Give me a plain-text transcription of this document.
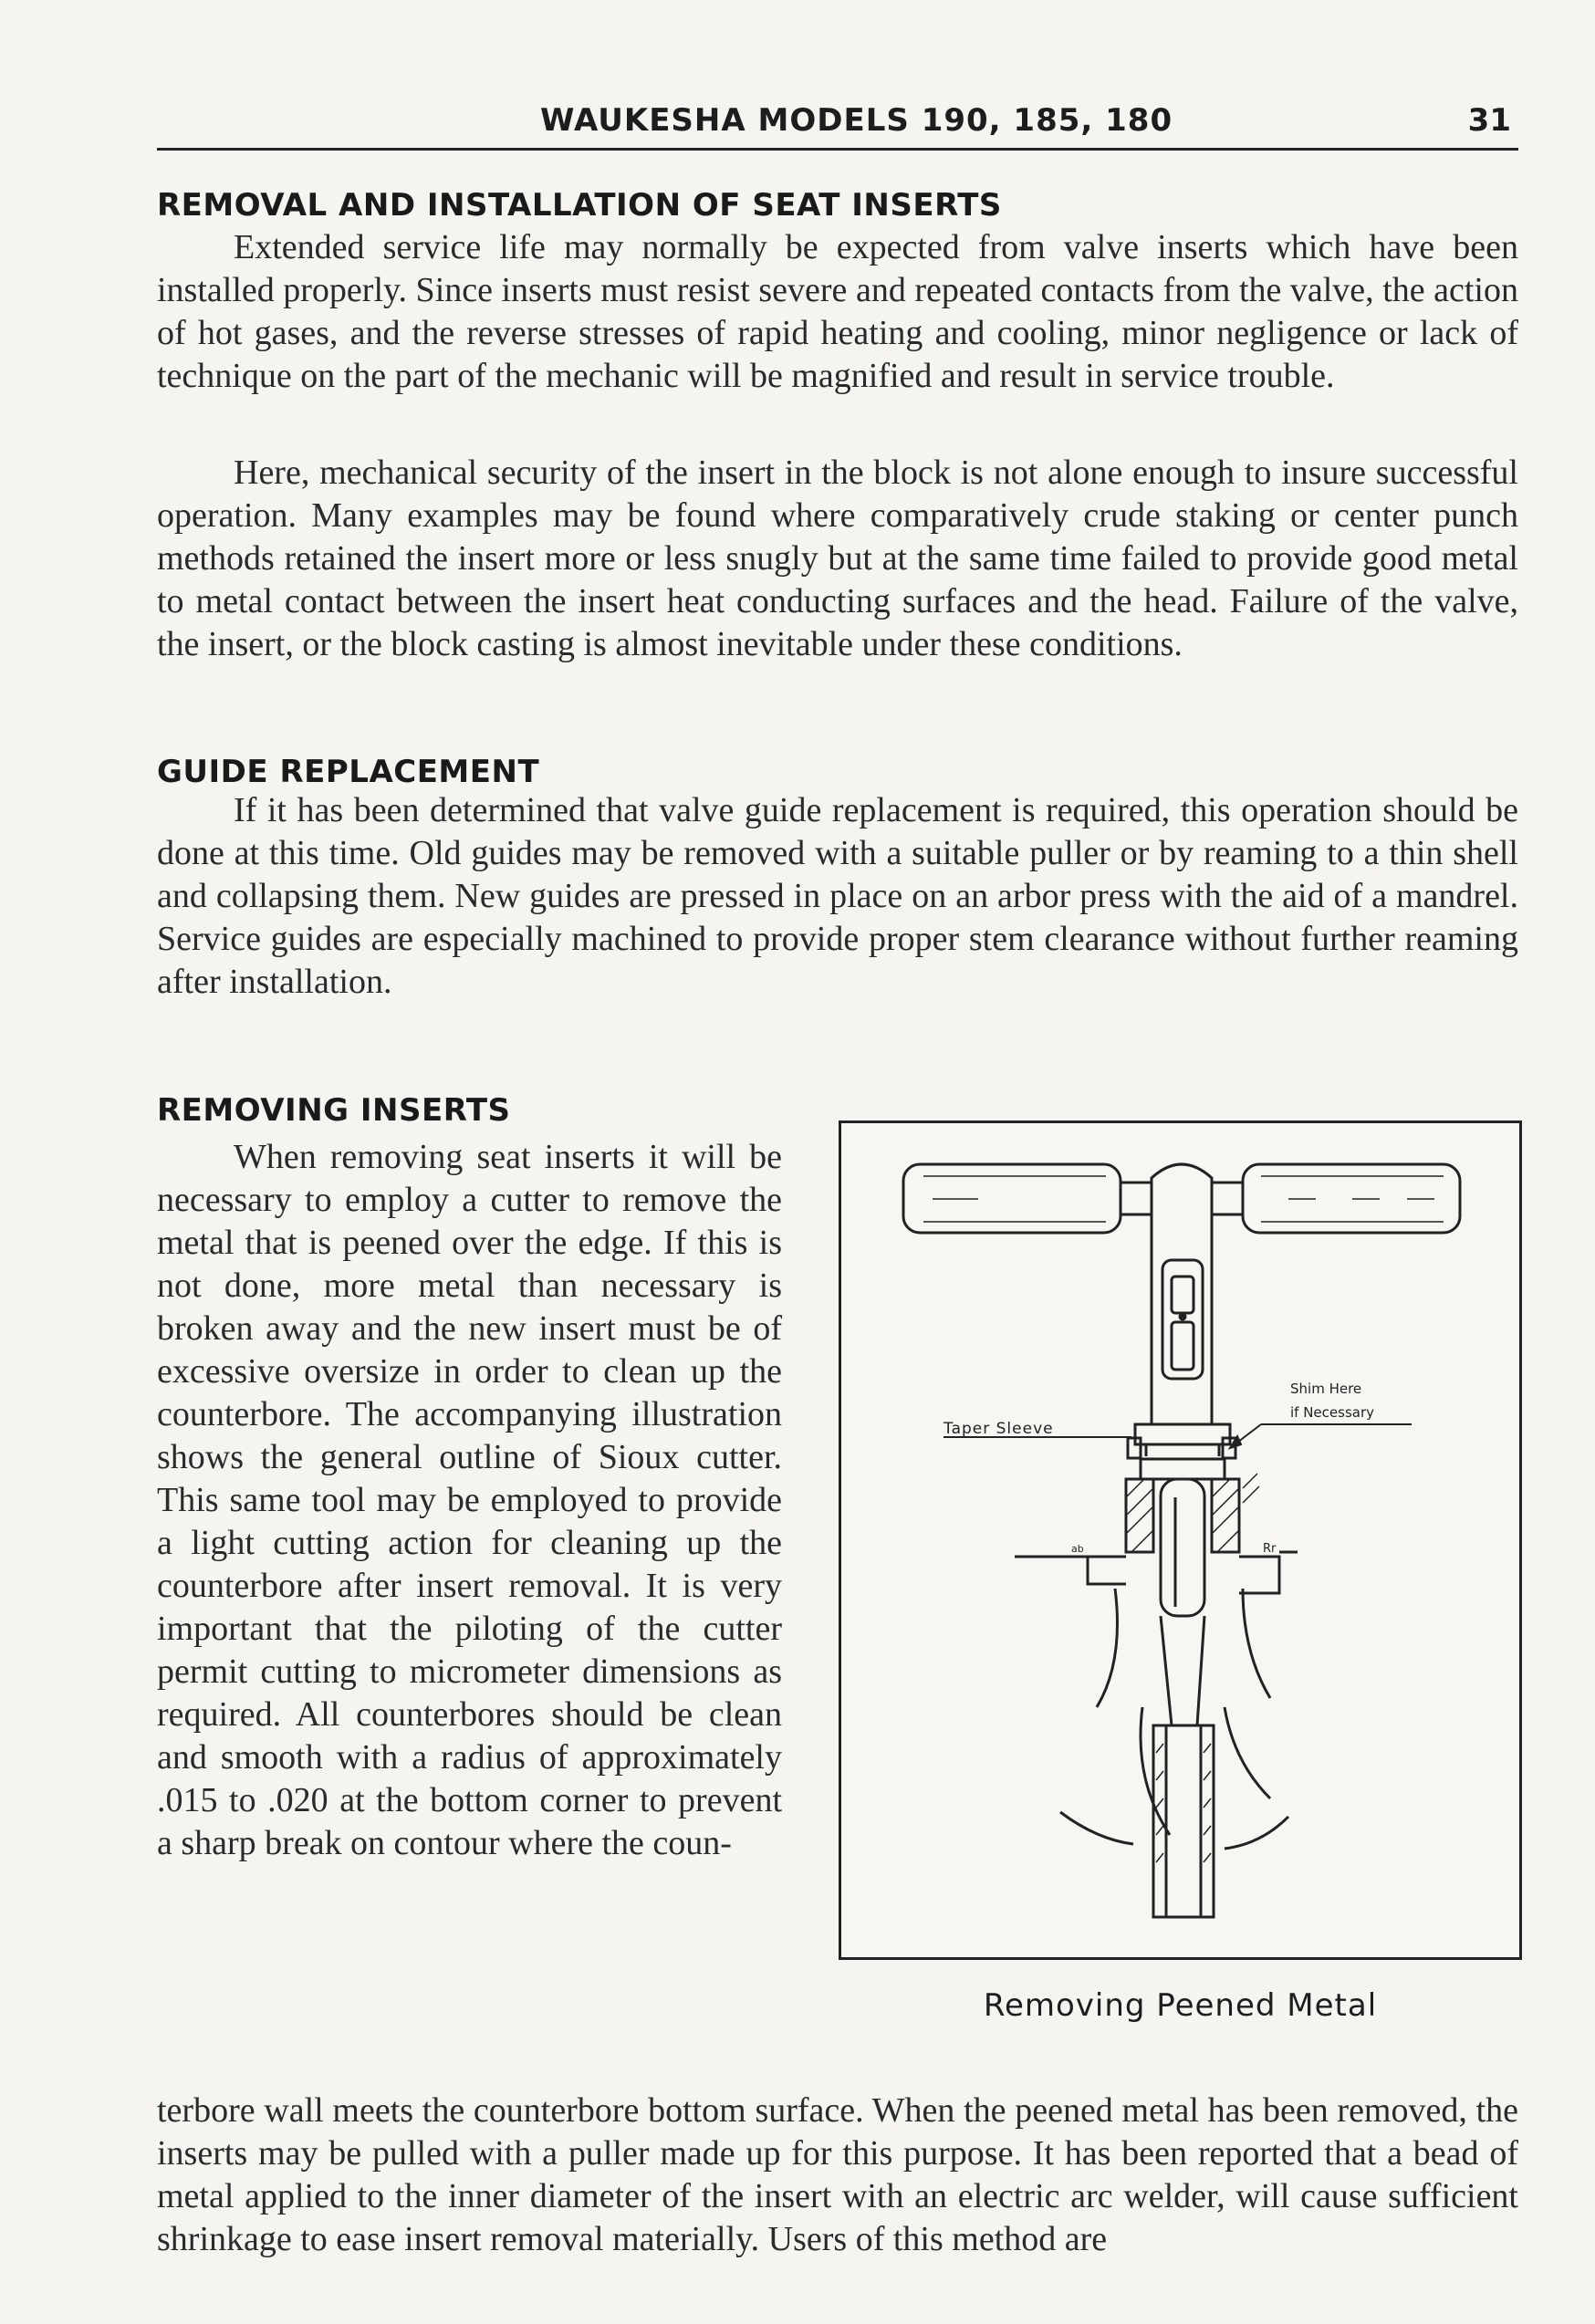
WAUKESHA MODELS 190, 185, 180	31
REMOVAL AND INSTALLATION OF SEAT INSERTS

Extended service life may normally be expected from valve inserts which have been installed properly. Since inserts must resist severe and repeated contacts from the valve, the action of hot gases, and the reverse stresses of rapid heating and cooling, minor negligence or lack of technique on the part of the mechanic will be magnified and result in service trouble.

Here, mechanical security of the insert in the block is not alone enough to insure successful operation. Many examples may be found where comparatively crude staking or center punch methods retained the insert more or less snugly but at the same time failed to provide good metal to metal contact between the insert heat conducting surfaces and the head. Failure of the valve, the insert, or the block casting is almost inevitable under these conditions.

GUIDE REPLACEMENT

If it has been determined that valve guide replacement is required, this operation should be done at this time. Old guides may be removed with a suitable puller or by reaming to a thin shell and collapsing them. New guides are pressed in place on an arbor press with the aid of a mandrel. Service guides are especially machined to provide proper stem clearance without further reaming after installation.

REMOVING INSERTS

When removing seat inserts it will be necessary to employ a cutter to remove the metal that is peened over the edge. If this is not done, more metal than necessary is broken away and the new insert must be of excessive oversize in order to clean up the counterbore. The accompanying illustration shows the general outline of Sioux cutter. This same tool may be employed to provide a light cutting action for cleaning up the counterbore after insert removal. It is very important that the piloting of the cutter permit cutting to micrometer dimensions as required. All counterbores should be clean and smooth with a radius of approximately .015 to .020 at the bottom corner to prevent a sharp break on contour where the coun-

terbore wall meets the counterbore bottom surface. When the peened metal has been removed, the inserts may be pulled with a puller made up for this purpose. It has been reported that a bead of metal applied to the inner diameter of the insert with an electric arc welder, will cause sufficient shrinkage to ease insert removal materially. Users of this method are

Taper Sleeve
Shim Here
if Necessary
ab	Rr
Removing Peened Metal
